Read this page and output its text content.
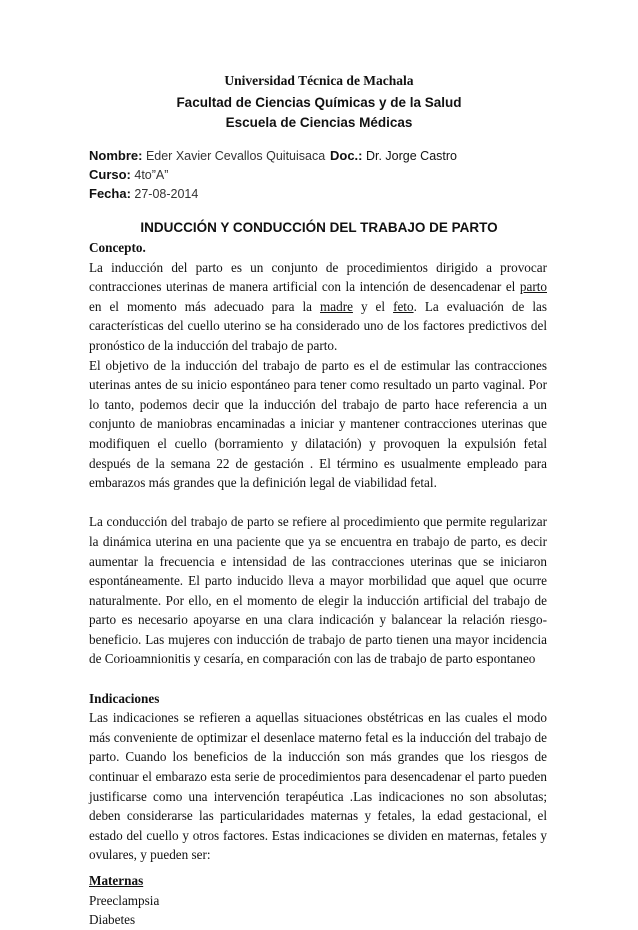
Universidad Técnica de Machala
Facultad de Ciencias Químicas y de la Salud
Escuela de Ciencias Médicas
Nombre: Eder Xavier Cevallos Quituisaca Doc.: Dr. Jorge Castro
Curso: 4to”A”
Fecha: 27-08-2014
INDUCCIÓN Y CONDUCCIÓN DEL TRABAJO DE PARTO

Concepto.

La inducción del parto es un conjunto de procedimientos dirigido a provocar contracciones uterinas de manera artificial con la intención de desencadenar el parto en el momento más adecuado para la madre y el feto. La evaluación de las características del cuello uterino se ha considerado uno de los factores predictivos del pronóstico de la inducción del trabajo de parto.

El objetivo de la inducción del trabajo de parto es el de estimular las contracciones uterinas antes de su inicio espontáneo para tener como resultado un parto vaginal. Por lo tanto, podemos decir que la inducción del trabajo de parto hace referencia a un conjunto de maniobras encaminadas a iniciar y mantener contracciones uterinas que modifiquen el cuello (borramiento y dilatación) y provoquen la expulsión fetal después de la semana 22 de gestación . El término es usualmente empleado para embarazos más grandes que la definición legal de viabilidad fetal.

La conducción del trabajo de parto se refiere al procedimiento que permite regularizar la dinámica uterina en una paciente que ya se encuentra en trabajo de parto, es decir aumentar la frecuencia e intensidad de las contracciones uterinas que se iniciaron espontáneamente. El parto inducido lleva a mayor morbilidad que aquel que ocurre naturalmente. Por ello, en el momento de elegir la inducción artificial del trabajo de parto es necesario apoyarse en una clara indicación y balancear la relación riesgo-beneficio. Las mujeres con inducción de trabajo de parto tienen una mayor incidencia de Corioamnionitis y cesaría, en comparación con las de trabajo de parto espontaneo

Indicaciones

Las indicaciones se refieren a aquellas situaciones obstétricas en las cuales el modo más conveniente de optimizar el desenlace materno fetal es la inducción del trabajo de parto. Cuando los beneficios de la inducción son más grandes que los riesgos de continuar el embarazo esta serie de procedimientos para desencadenar el parto pueden justificarse como una intervención terapéutica .Las indicaciones no son absolutas; deben considerarse las particularidades maternas y fetales, la edad gestacional, el estado del cuello y otros factores. Estas indicaciones se dividen en maternas, fetales y ovulares, y pueden ser:

Maternas

Preeclampsia
Diabetes
